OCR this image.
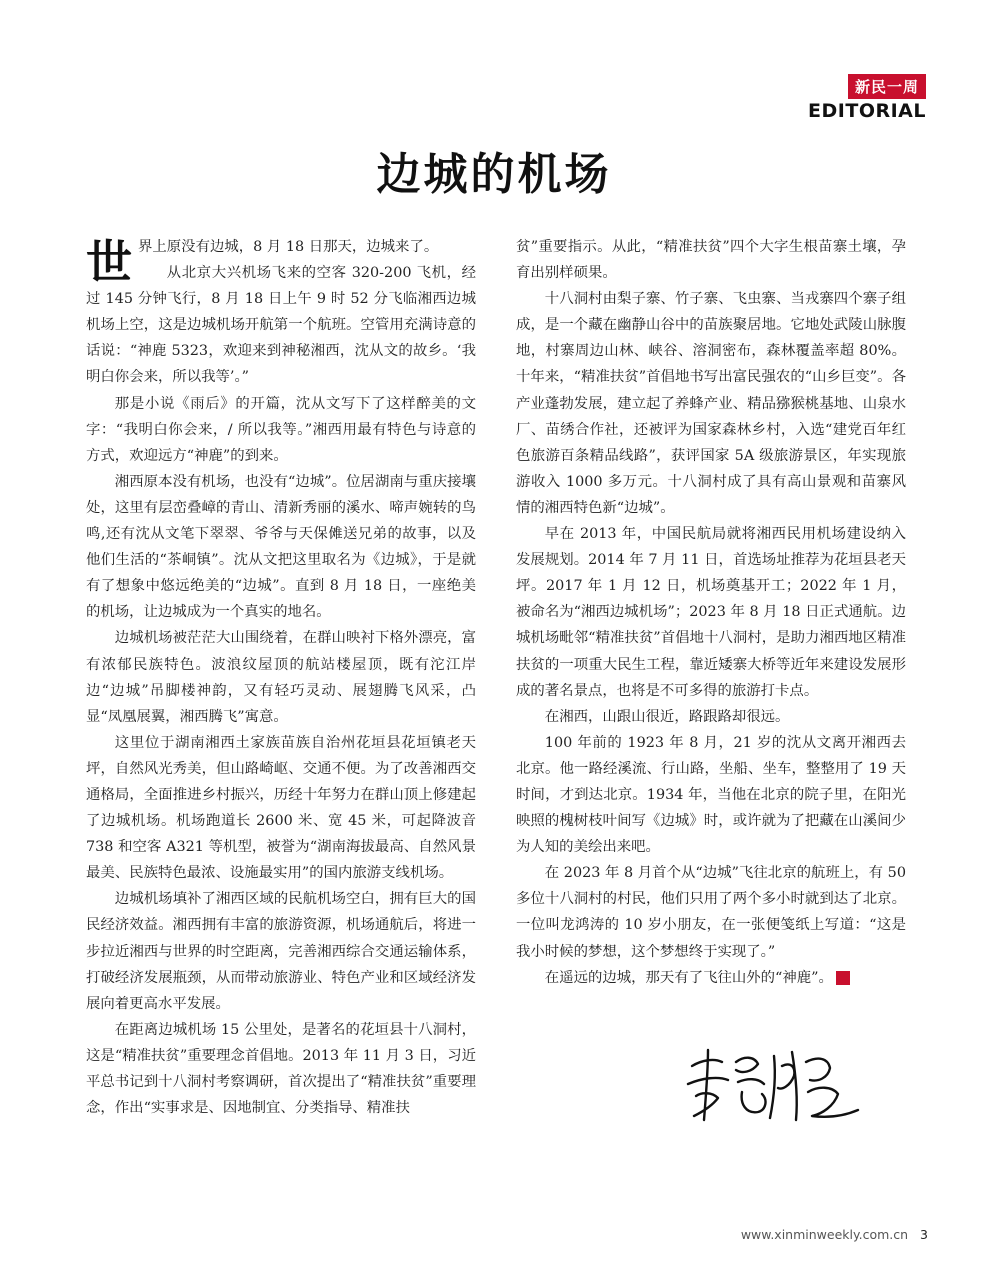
新民一周
EDITORIAL
边城的机场

世界上原没有边城，8 月 18 日那天，边城来了。

从北京大兴机场飞来的空客 320-200 飞机，经过 145 分钟飞行，8 月 18 日上午 9 时 52 分飞临湘西边城机场上空，这是边城机场开航第一个航班。空管用充满诗意的话说：“神鹿 5323，欢迎来到神秘湘西，沈从文的故乡。‘我明白你会来，所以我等’。”

那是小说《雨后》的开篇，沈从文写下了这样醉美的文字：“我明白你会来，/ 所以我等。”湘西用最有特色与诗意的方式，欢迎远方“神鹿”的到来。

湘西原本没有机场，也没有“边城”。位居湖南与重庆接壤处，这里有层峦叠嶂的青山、清新秀丽的溪水、啼声婉转的鸟鸣,还有沈从文笔下翠翠、爷爷与天保傩送兄弟的故事，以及他们生活的“茶峒镇”。沈从文把这里取名为《边城》，于是就有了想象中悠远绝美的“边城”。直到 8 月 18 日，一座绝美的机场，让边城成为一个真实的地名。

边城机场被茫茫大山围绕着，在群山映衬下格外漂亮，富有浓郁民族特色。波浪纹屋顶的航站楼屋顶，既有沱江岸边“边城”吊脚楼神韵，又有轻巧灵动、展翅腾飞风采，凸显“凤凰展翼，湘西腾飞”寓意。

这里位于湖南湘西土家族苗族自治州花垣县花垣镇老天坪，自然风光秀美，但山路崎岖、交通不便。为了改善湘西交通格局，全面推进乡村振兴，历经十年努力在群山顶上修建起了边城机场。机场跑道长 2600 米、宽 45 米，可起降波音 738 和空客 A321 等机型，被誉为“湖南海拔最高、自然风景最美、民族特色最浓、设施最实用”的国内旅游支线机场。

边城机场填补了湘西区域的民航机场空白，拥有巨大的国民经济效益。湘西拥有丰富的旅游资源，机场通航后，将进一步拉近湘西与世界的时空距离，完善湘西综合交通运输体系，打破经济发展瓶颈，从而带动旅游业、特色产业和区域经济发展向着更高水平发展。

在距离边城机场 15 公里处，是著名的花垣县十八洞村，这是“精准扶贫”重要理念首倡地。2013 年 11 月 3 日，习近平总书记到十八洞村考察调研，首次提出了“精准扶贫”重要理念，作出“实事求是、因地制宜、分类指导、精准扶

贫”重要指示。从此，“精准扶贫”四个大字生根苗寨土壤，孕育出别样硕果。

十八洞村由梨子寨、竹子寨、飞虫寨、当戎寨四个寨子组成，是一个藏在幽静山谷中的苗族聚居地。它地处武陵山脉腹地，村寨周边山林、峡谷、溶洞密布，森林覆盖率超 80%。十年来，“精准扶贫”首倡地书写出富民强农的“山乡巨变”。各产业蓬勃发展，建立起了养蜂产业、精品猕猴桃基地、山泉水厂、苗绣合作社，还被评为国家森林乡村，入选“建党百年红色旅游百条精品线路”，获评国家 5A 级旅游景区，年实现旅游收入 1000 多万元。十八洞村成了具有高山景观和苗寨风情的湘西特色新“边城”。

早在 2013 年，中国民航局就将湘西民用机场建设纳入发展规划。2014 年 7 月 11 日，首选场址推荐为花垣县老天坪。2017 年 1 月 12 日，机场奠基开工；2022 年 1 月，被命名为“湘西边城机场”；2023 年 8 月 18 日正式通航。边城机场毗邻“精准扶贫”首倡地十八洞村，是助力湘西地区精准扶贫的一项重大民生工程，靠近矮寨大桥等近年来建设发展形成的著名景点，也将是不可多得的旅游打卡点。

在湘西，山跟山很近，路跟路却很远。

100 年前的 1923 年 8 月，21 岁的沈从文离开湘西去北京。他一路经溪流、行山路，坐船、坐车，整整用了 19 天时间，才到达北京。1934 年，当他在北京的院子里，在阳光映照的槐树枝叶间写《边城》时，或许就为了把藏在山溪间少为人知的美绘出来吧。

在 2023 年 8 月首个从“边城”飞往北京的航班上，有 50 多位十八洞村的村民，他们只用了两个多小时就到达了北京。一位叫龙鸿涛的 10 岁小朋友，在一张便笺纸上写道：“这是我小时候的梦想，这个梦想终于实现了。”

在遥远的边城，那天有了飞往山外的“神鹿”。	民

www.xinminweekly.com.cn 3
